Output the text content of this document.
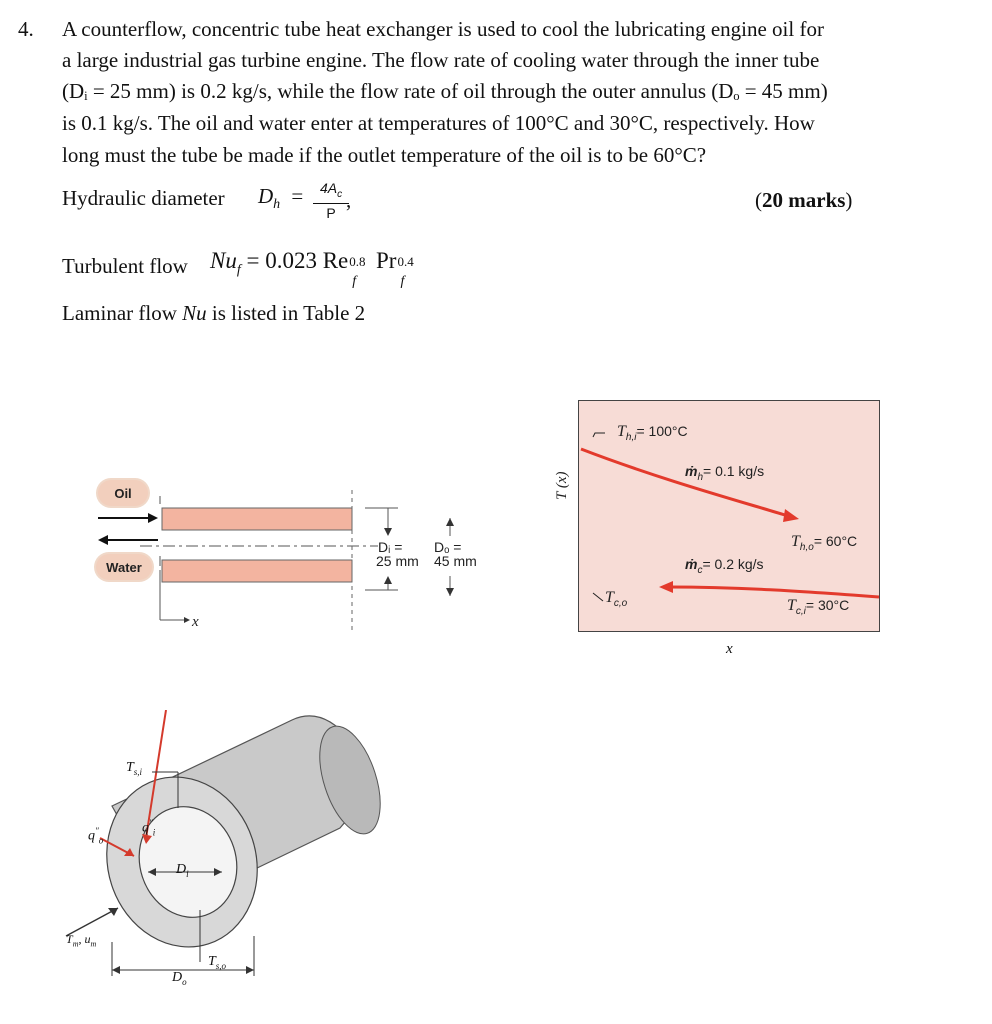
4. A counterflow, concentric tube heat exchanger is used to cool the lubricating engine oil for
a large industrial gas turbine engine. The flow rate of cooling water through the inner tube
(Dᵢ = 25 mm) is 0.2 kg/s, while the flow rate of oil through the outer annulus (Dₒ = 45 mm)
is 0.1 kg/s. The oil and water enter at temperatures of 100°C and 30°C, respectively. How
long must the tube be made if the outlet temperature of the oil is to be 60°C?
Hydraulic diameter $D_h$ =	$4A_c$
P
,	(20 marks)
Turbulent flow $Nu_f = 0.023$ Re 0.8
f
Pr 0.4
f
Laminar flow Nu is listed in Table 2
Oil
Water
x
Dᵢ =
25 mm
Dₒ =
45 mm
T (x)
$T_{h,i}= 100^\circ C$
ṁ$_h$= 0.1 kg/s
$T_{h,o}= 60^\circ C$
ṁ$_c$= 0.2 kg/s
$T_{c,o}$	$T_{c,i}= 30^\circ C$
x
$T_{s,i}$
$q''_o$
$q''_i$
$D_i$
$T_m$, $u_m$
$T_{s,o}$
$D_o$
